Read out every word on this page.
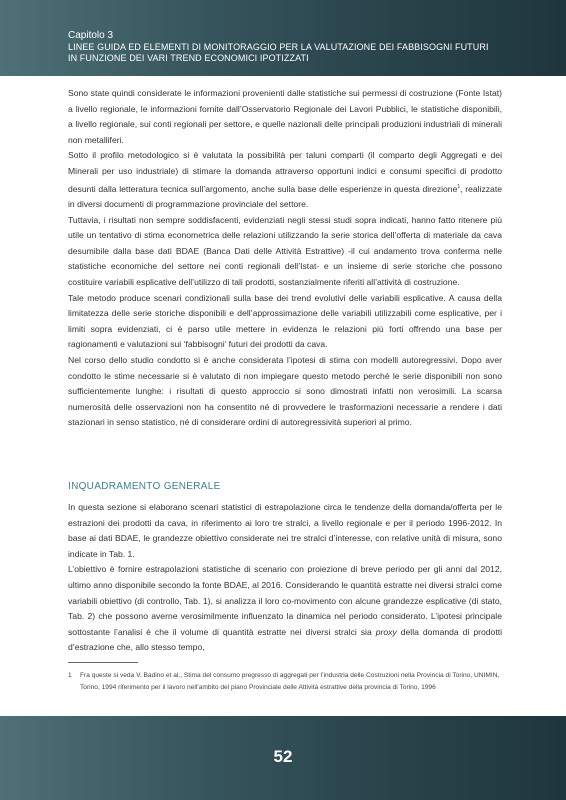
Capitolo 3
LINEE GUIDA ED ELEMENTI DI MONITORAGGIO PER LA VALUTAZIONE DEI FABBISOGNI FUTURI
IN FUNZIONE DEI VARI TREND ECONOMICI IPOTIZZATI

Sono state quindi considerate le informazioni provenienti dalle statistiche sui permessi di costruzione (Fonte Istat) a livello regionale, le informazioni fornite dall’Osservatorio Regionale dei Lavori Pubblici, le statistiche disponibili, a livello regionale, sui conti regionali per settore, e quelle nazionali delle principali produzioni industriali di minerali non metalliferi.

Sotto il profilo metodologico si è valutata la possibilità per taluni comparti (il comparto degli Aggregati e dei Minerali per uso industriale) di stimare la domanda attraverso opportuni indici e consumi specifici di prodotto desunti dalla letteratura tecnica sull’argomento, anche sulla base delle esperienze in questa direzione$^1$, realizzate in diversi documenti di programmazione provinciale del settore.

Tuttavia, i risultati non sempre soddisfacenti, evidenziati negli stessi studi sopra indicati, hanno fatto ritenere più utile un tentativo di stima econometrica delle relazioni utilizzando la serie storica dell’offerta di materiale da cava desumibile dalla base dati BDAE (Banca Dati delle Attività Estrattive) -il cui andamento trova conferma nelle statistiche economiche del settore nei conti regionali dell’Istat- e un insieme di serie storiche che possono costituire variabili esplicative dell’utilizzo di tali prodotti, sostanzialmente riferiti all’attività di costruzione.

Tale metodo produce scenari condizionali sulla base dei trend evolutivi delle variabili esplicative. A causa della limitatezza delle serie storiche disponibili e dell’approssimazione delle variabili utilizzabili come esplicative, per i limiti sopra evidenziati, ci è parso utile mettere in evidenza le relazioni più forti offrendo una base per ragionamenti e valutazioni sui ‘fabbisogni’ futuri dei prodotti da cava.

Nel corso dello studio condotto si è anche considerata l’ipotesi di stima con modelli autoregressivi. Dopo aver condotto le stime necessarie si è valutato di non impiegare questo metodo perché le serie disponibili non sono sufficientemente lunghe: i risultati di questo approccio si sono dimostrati infatti non verosimili. La scarsa numerosità delle osservazioni non ha consentito né di provvedere le trasformazioni necessarie a rendere i dati stazionari in senso statistico, né di considerare ordini di autoregressività superiori al primo.

INQUADRAMENTO GENERALE

In questa sezione si elaborano scenari statistici di estrapolazione circa le tendenze della domanda/offerta per le estrazioni dei prodotti da cava, in riferimento ai loro tre stralci, a livello regionale e per il periodo 1996-2012. In base ai dati BDAE, le grandezze obiettivo considerate nei tre stralci d’interesse, con relative unità di misura, sono indicate in Tab. 1.

L’obiettivo è fornire estrapolazioni statistiche di scenario con proiezione di breve periodo per gli anni dal 2012, ultimo anno disponibile secondo la fonte BDAE, al 2016. Considerando le quantità estratte nei diversi stralci come variabili obiettivo (di controllo, Tab. 1), si analizza il loro co-movimento con alcune grandezze esplicative (di stato, Tab. 2) che possono averne verosimilmente influenzato la dinamica nel periodo considerato. L’ipotesi principale sottostante l’analisi è che il volume di quantità estratte nei diversi stralci sia proxy della domanda di prodotti d’estrazione che, allo stesso tempo,

1 Fra queste si veda V. Badino et al., Stima del consumo pregresso di aggregati per l’industria delle Costruzioni nella Provincia di Torino, UNIMIN, Torino, 1994 riferimento per il lavoro nell’ambito del piano Provinciale delle Attività estrattive della provincia di Torino, 1996
52
